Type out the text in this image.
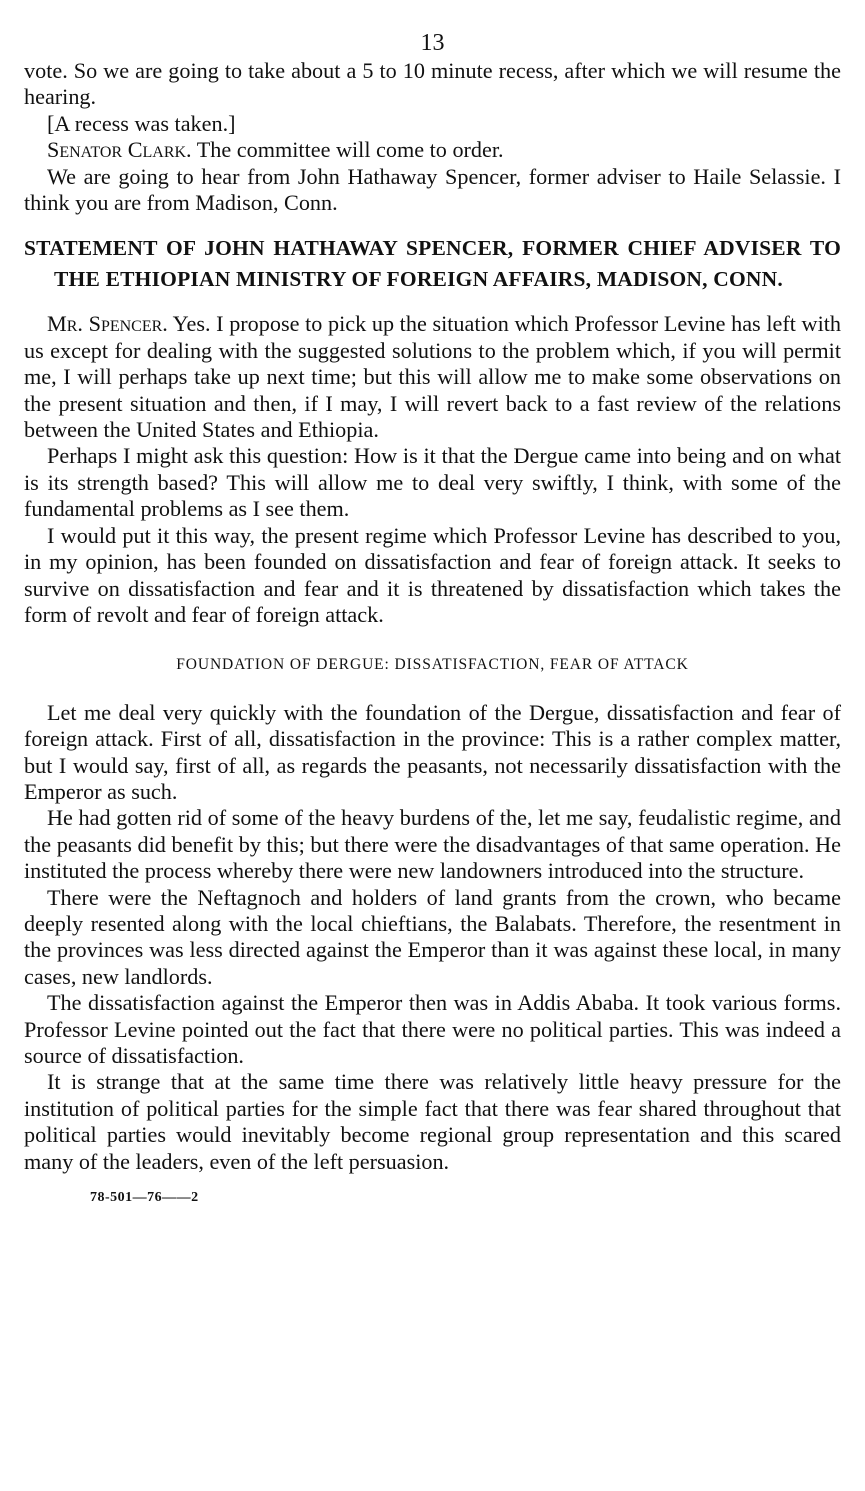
13

vote. So we are going to take about a 5 to 10 minute recess, after which we will resume the hearing.

[A recess was taken.]

Senator Clark. The committee will come to order.

We are going to hear from John Hathaway Spencer, former adviser to Haile Selassie. I think you are from Madison, Conn.

STATEMENT OF JOHN HATHAWAY SPENCER, FORMER CHIEF ADVISER TO THE ETHIOPIAN MINISTRY OF FOREIGN AFFAIRS, MADISON, CONN.

Mr. Spencer. Yes. I propose to pick up the situation which Professor Levine has left with us except for dealing with the suggested solutions to the problem which, if you will permit me, I will perhaps take up next time; but this will allow me to make some observations on the present situation and then, if I may, I will revert back to a fast review of the relations between the United States and Ethiopia.

Perhaps I might ask this question: How is it that the Dergue came into being and on what is its strength based? This will allow me to deal very swiftly, I think, with some of the fundamental problems as I see them.

I would put it this way, the present regime which Professor Levine has described to you, in my opinion, has been founded on dissatisfaction and fear of foreign attack. It seeks to survive on dissatisfaction and fear and it is threatened by dissatisfaction which takes the form of revolt and fear of foreign attack.

FOUNDATION OF DERGUE: DISSATISFACTION, FEAR OF ATTACK

Let me deal very quickly with the foundation of the Dergue, dissatisfaction and fear of foreign attack. First of all, dissatisfaction in the province: This is a rather complex matter, but I would say, first of all, as regards the peasants, not necessarily dissatisfaction with the Emperor as such.

He had gotten rid of some of the heavy burdens of the, let me say, feudalistic regime, and the peasants did benefit by this; but there were the disadvantages of that same operation. He instituted the process whereby there were new landowners introduced into the structure.

There were the Neftagnoch and holders of land grants from the crown, who became deeply resented along with the local chieftians, the Balabats. Therefore, the resentment in the provinces was less directed against the Emperor than it was against these local, in many cases, new landlords.

The dissatisfaction against the Emperor then was in Addis Ababa. It took various forms. Professor Levine pointed out the fact that there were no political parties. This was indeed a source of dissatisfaction.

It is strange that at the same time there was relatively little heavy pressure for the institution of political parties for the simple fact that there was fear shared throughout that political parties would inevitably become regional group representation and this scared many of the leaders, even of the left persuasion.

78-501—76——2
